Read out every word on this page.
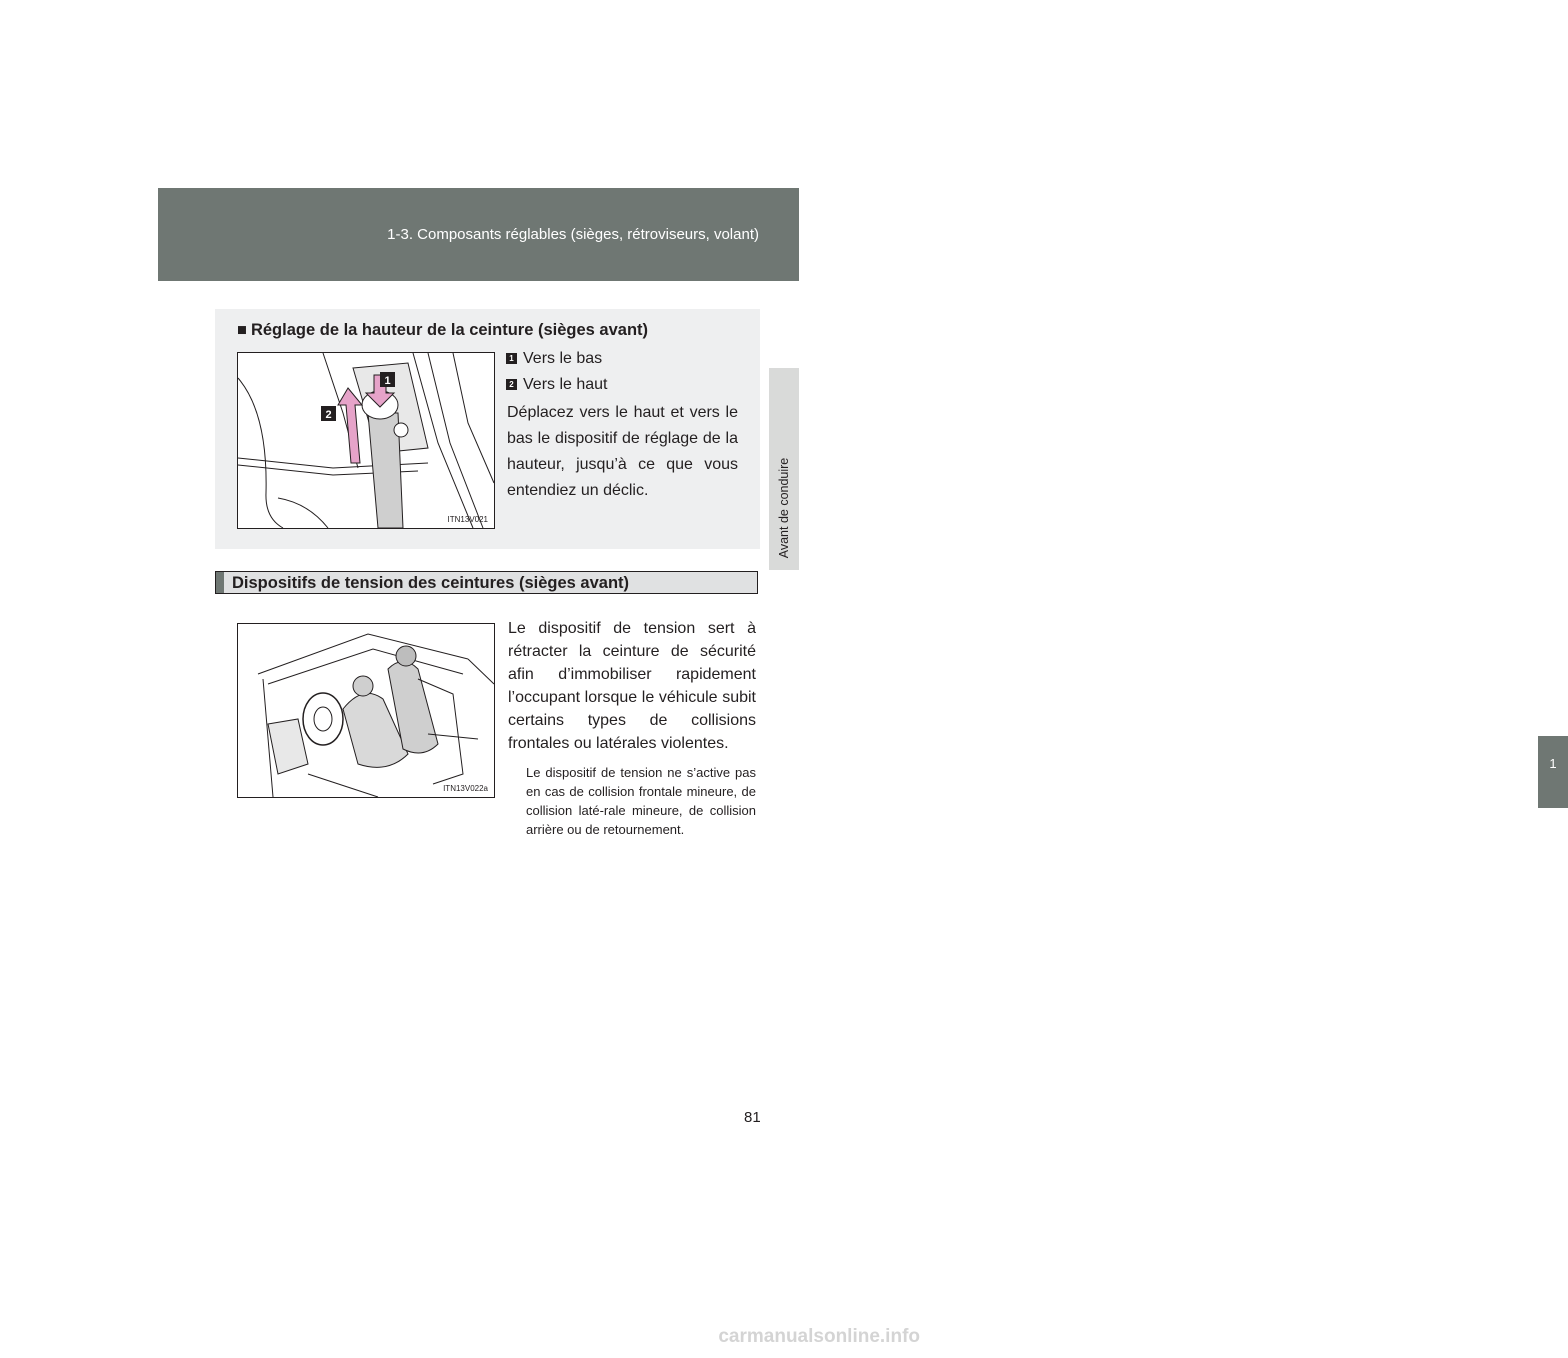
1-3. Composants réglables (sièges, rétroviseurs, volant)
1
Avant de conduire
■ Réglage de la hauteur de la ceinture (sièges avant)
1
2
ITN13V021
1 Vers le bas
2 Vers le haut
Déplacez vers le haut et vers le bas le dispositif de réglage de la hauteur, jusqu’à ce que vous entendiez un déclic.
Dispositifs de tension des ceintures (sièges avant)
ITN13V022a
Le dispositif de tension sert à rétracter la ceinture de sécurité afin d’immobiliser rapidement l’occupant lorsque le véhicule subit certains types de collisions frontales ou latérales violentes.
Le dispositif de tension ne s’active pas en cas de collision frontale mineure, de collision laté-rale mineure, de collision arrière ou de retournement.
81
carmanualsonline.info
